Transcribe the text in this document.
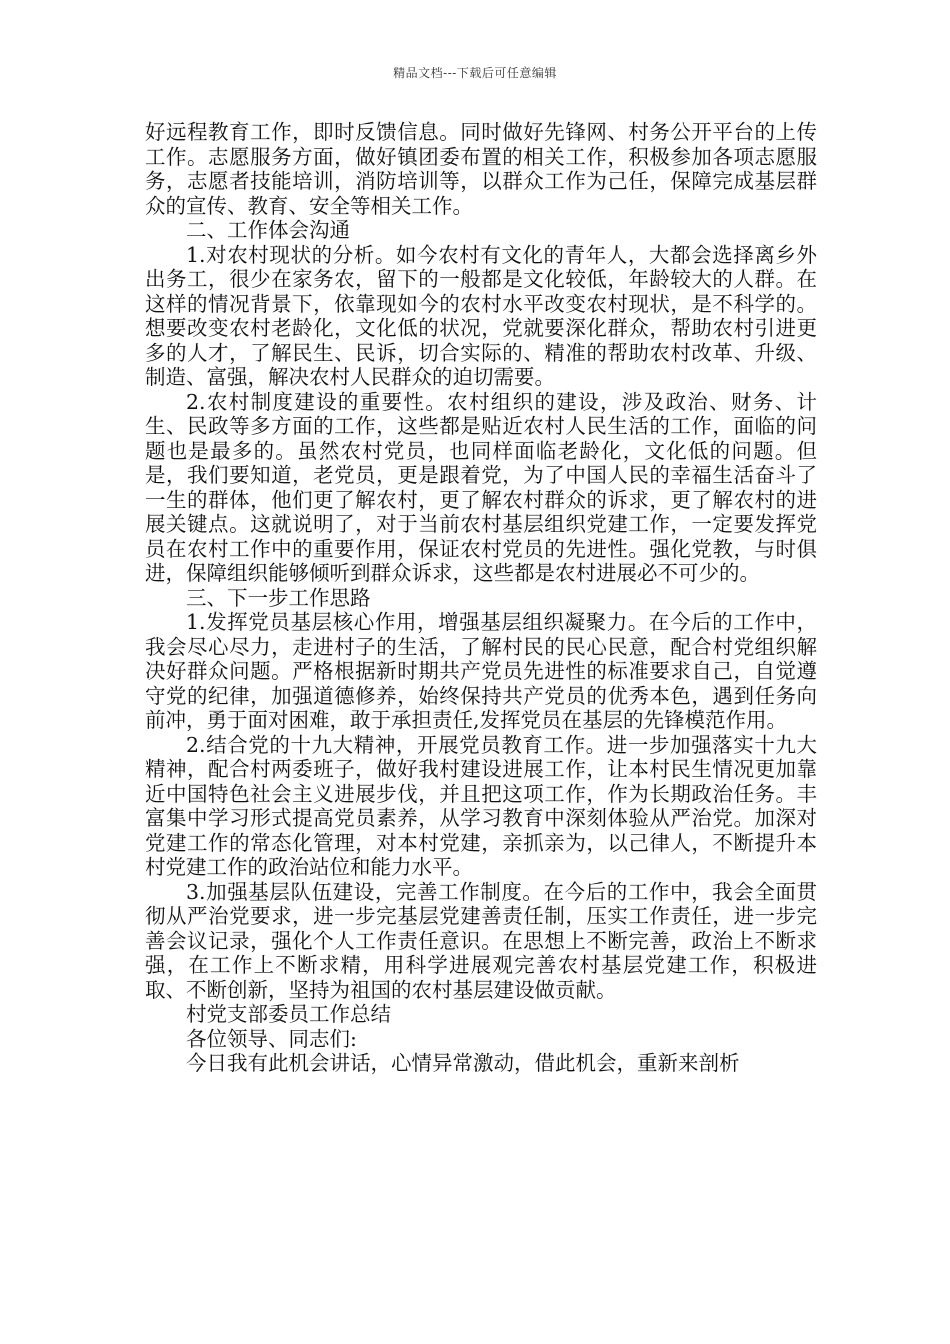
精品文档---下载后可任意编辑

好远程教育工作，即时反馈信息。同时做好先锋网、村务公开平台的上传工作。志愿服务方面，做好镇团委布置的相关工作，积极参加各项志愿服务，志愿者技能培训，消防培训等，以群众工作为己任，保障完成基层群众的宣传、教育、安全等相关工作。

二、工作体会沟通

1.对农村现状的分析。如今农村有文化的青年人，大都会选择离乡外出务工，很少在家务农，留下的一般都是文化较低，年龄较大的人群。在这样的情况背景下，依靠现如今的农村水平改变农村现状，是不科学的。想要改变农村老龄化，文化低的状况，党就要深化群众，帮助农村引进更多的人才，了解民生、民诉，切合实际的、精准的帮助农村改革、升级、制造、富强，解决农村人民群众的迫切需要。

2.农村制度建设的重要性。农村组织的建设，涉及政治、财务、计生、民政等多方面的工作，这些都是贴近农村人民生活的工作，面临的问题也是最多的。虽然农村党员，也同样面临老龄化，文化低的问题。但是，我们要知道，老党员，更是跟着党，为了中国人民的幸福生活奋斗了一生的群体，他们更了解农村，更了解农村群众的诉求，更了解农村的进展关键点。这就说明了，对于当前农村基层组织党建工作，一定要发挥党员在农村工作中的重要作用，保证农村党员的先进性。强化党教，与时俱进，保障组织能够倾听到群众诉求，这些都是农村进展必不可少的。

三、下一步工作思路

1.发挥党员基层核心作用，增强基层组织凝聚力。在今后的工作中，我会尽心尽力，走进村子的生活，了解村民的民心民意，配合村党组织解决好群众问题。严格根据新时期共产党员先进性的标准要求自己，自觉遵守党的纪律，加强道德修养，始终保持共产党员的优秀本色，遇到任务向前冲，勇于面对困难，敢于承担责任,发挥党员在基层的先锋模范作用。

2.结合党的十九大精神，开展党员教育工作。进一步加强落实十九大精神，配合村两委班子，做好我村建设进展工作，让本村民生情况更加靠近中国特色社会主义进展步伐，并且把这项工作，作为长期政治任务。丰富集中学习形式提高党员素养，从学习教育中深刻体验从严治党。加深对党建工作的常态化管理，对本村党建，亲抓亲为，以己律人，不断提升本村党建工作的政治站位和能力水平。

3.加强基层队伍建设，完善工作制度。在今后的工作中，我会全面贯彻从严治党要求，进一步完基层党建善责任制，压实工作责任，进一步完善会议记录，强化个人工作责任意识。在思想上不断完善，政治上不断求强，在工作上不断求精，用科学进展观完善农村基层党建工作，积极进取、不断创新，坚持为祖国的农村基层建设做贡献。

村党支部委员工作总结

各位领导、同志们:

今日我有此机会讲话，心情异常激动，借此机会，重新来剖析
